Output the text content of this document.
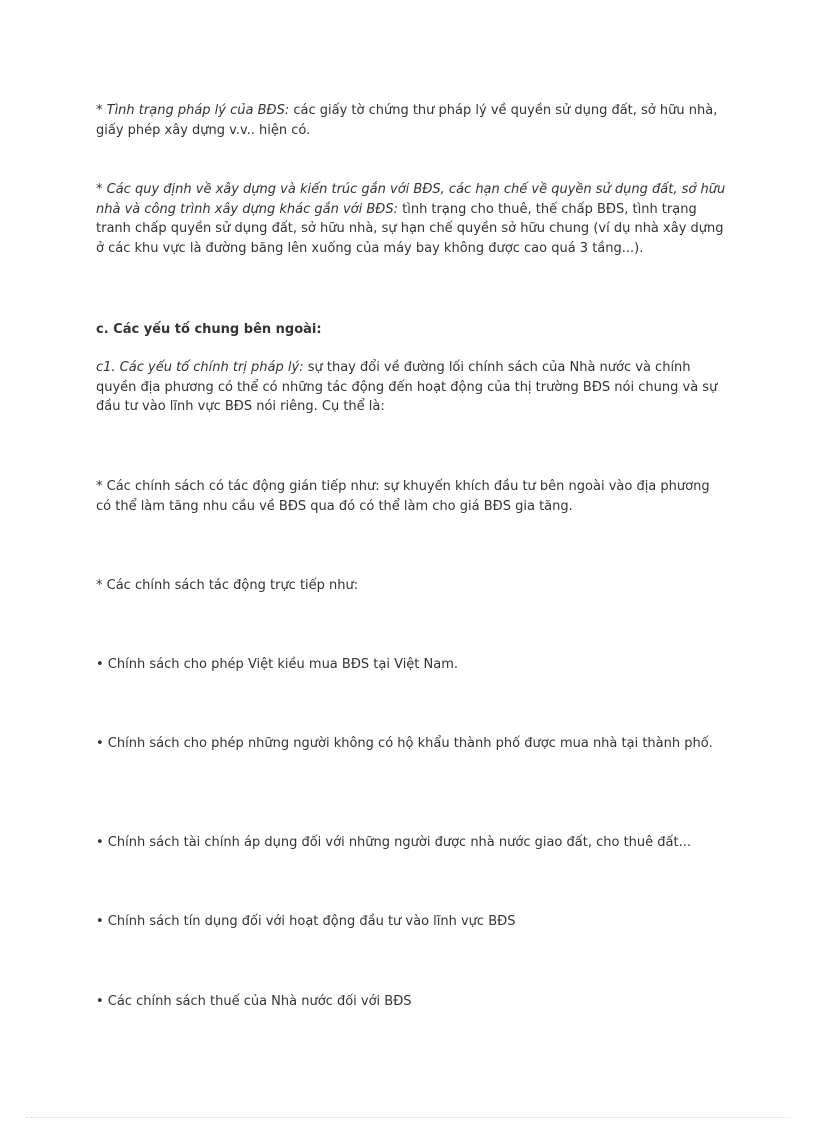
* Tình trạng pháp lý của BĐS: các giấy tờ chứng thư pháp lý về quyền sử dụng đất, sở hữu nhà, giấy phép xây dựng v.v.. hiện có.

* Các quy định về xây dựng và kiến trúc gắn với BĐS, các hạn chế về quyền sử dụng đất, sở hữu nhà và công trình xây dựng khác gắn với BĐS: tình trạng cho thuê, thế chấp BĐS, tình trạng tranh chấp quyền sử dụng đất, sở hữu nhà, sự hạn chế quyền sở hữu chung (ví dụ nhà xây dựng ở các khu vực là đường băng lên xuống của máy bay không được cao quá 3 tầng...).

c. Các yếu tố chung bên ngoài:

c1. Các yếu tố chính trị pháp lý: sự thay đổi về đường lối chính sách của Nhà nước và chính quyền địa phương có thể có những tác động đến hoạt động của thị trường BĐS nói chung và sự đầu tư vào lĩnh vực BĐS nói riêng. Cụ thể là:

* Các chính sách có tác động gián tiếp như: sự khuyến khích đầu tư bên ngoài vào địa phương có thể làm tăng nhu cầu về BĐS qua đó có thể làm cho giá BĐS gia tăng.

* Các chính sách tác động trực tiếp như:

• Chính sách cho phép Việt kiều mua BĐS tại Việt Nam.

• Chính sách cho phép những người không có hộ khẩu thành phố được mua nhà tại thành phố.

• Chính sách tài chính áp dụng đối với những người được nhà nước giao đất, cho thuê đất...

• Chính sách tín dụng đối với hoạt động đầu tư vào lĩnh vực BĐS

• Các chính sách thuế của Nhà nước đối với BĐS
